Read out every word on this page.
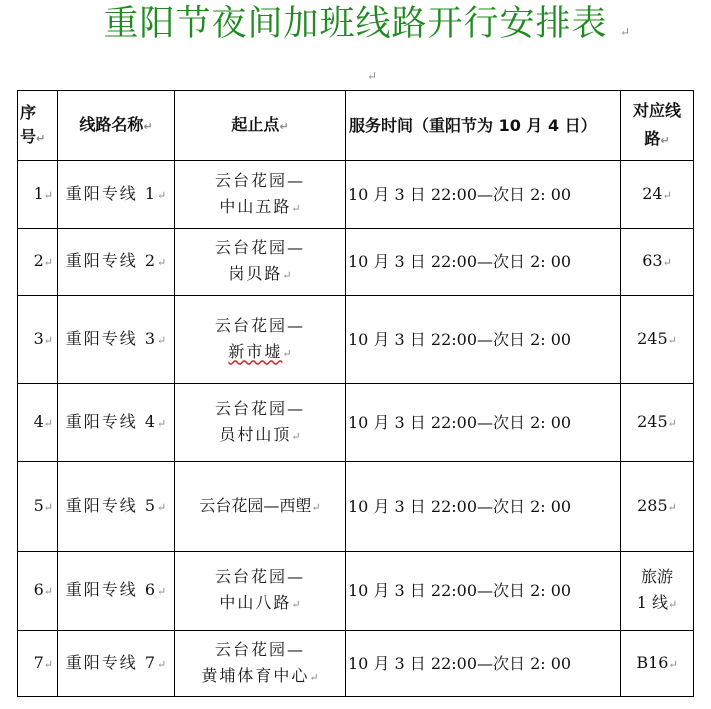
重阳节夜间加班线路开行安排表	↵
↵
序
号↵	线路名称↵	起止点↵	服务时间（重阳节为 10 月 4 日）	对应线
路↵
1↵	重阳专线 1↵	云台花园—
中山五路↵	10 月 3 日 22:00—次日 2: 00	24↵
2↵	重阳专线 2↵	云台花园—
岗贝路↵	10 月 3 日 22:00—次日 2: 00	63↵
3↵	重阳专线 3↵	云台花园—
新市墟↵	10 月 3 日 22:00—次日 2: 00	245↵
4↵	重阳专线 4↵	云台花园—
员村山顶↵	10 月 3 日 22:00—次日 2: 00	245↵
5↵	重阳专线 5↵	云台花园—西塱↵	10 月 3 日 22:00—次日 2: 00	285↵
6↵	重阳专线 6↵	云台花园—
中山八路↵	10 月 3 日 22:00—次日 2: 00	旅游
1 线↵
7↵	重阳专线 7↵	云台花园—
黄埔体育中心↵	10 月 3 日 22:00—次日 2: 00	B16↵
